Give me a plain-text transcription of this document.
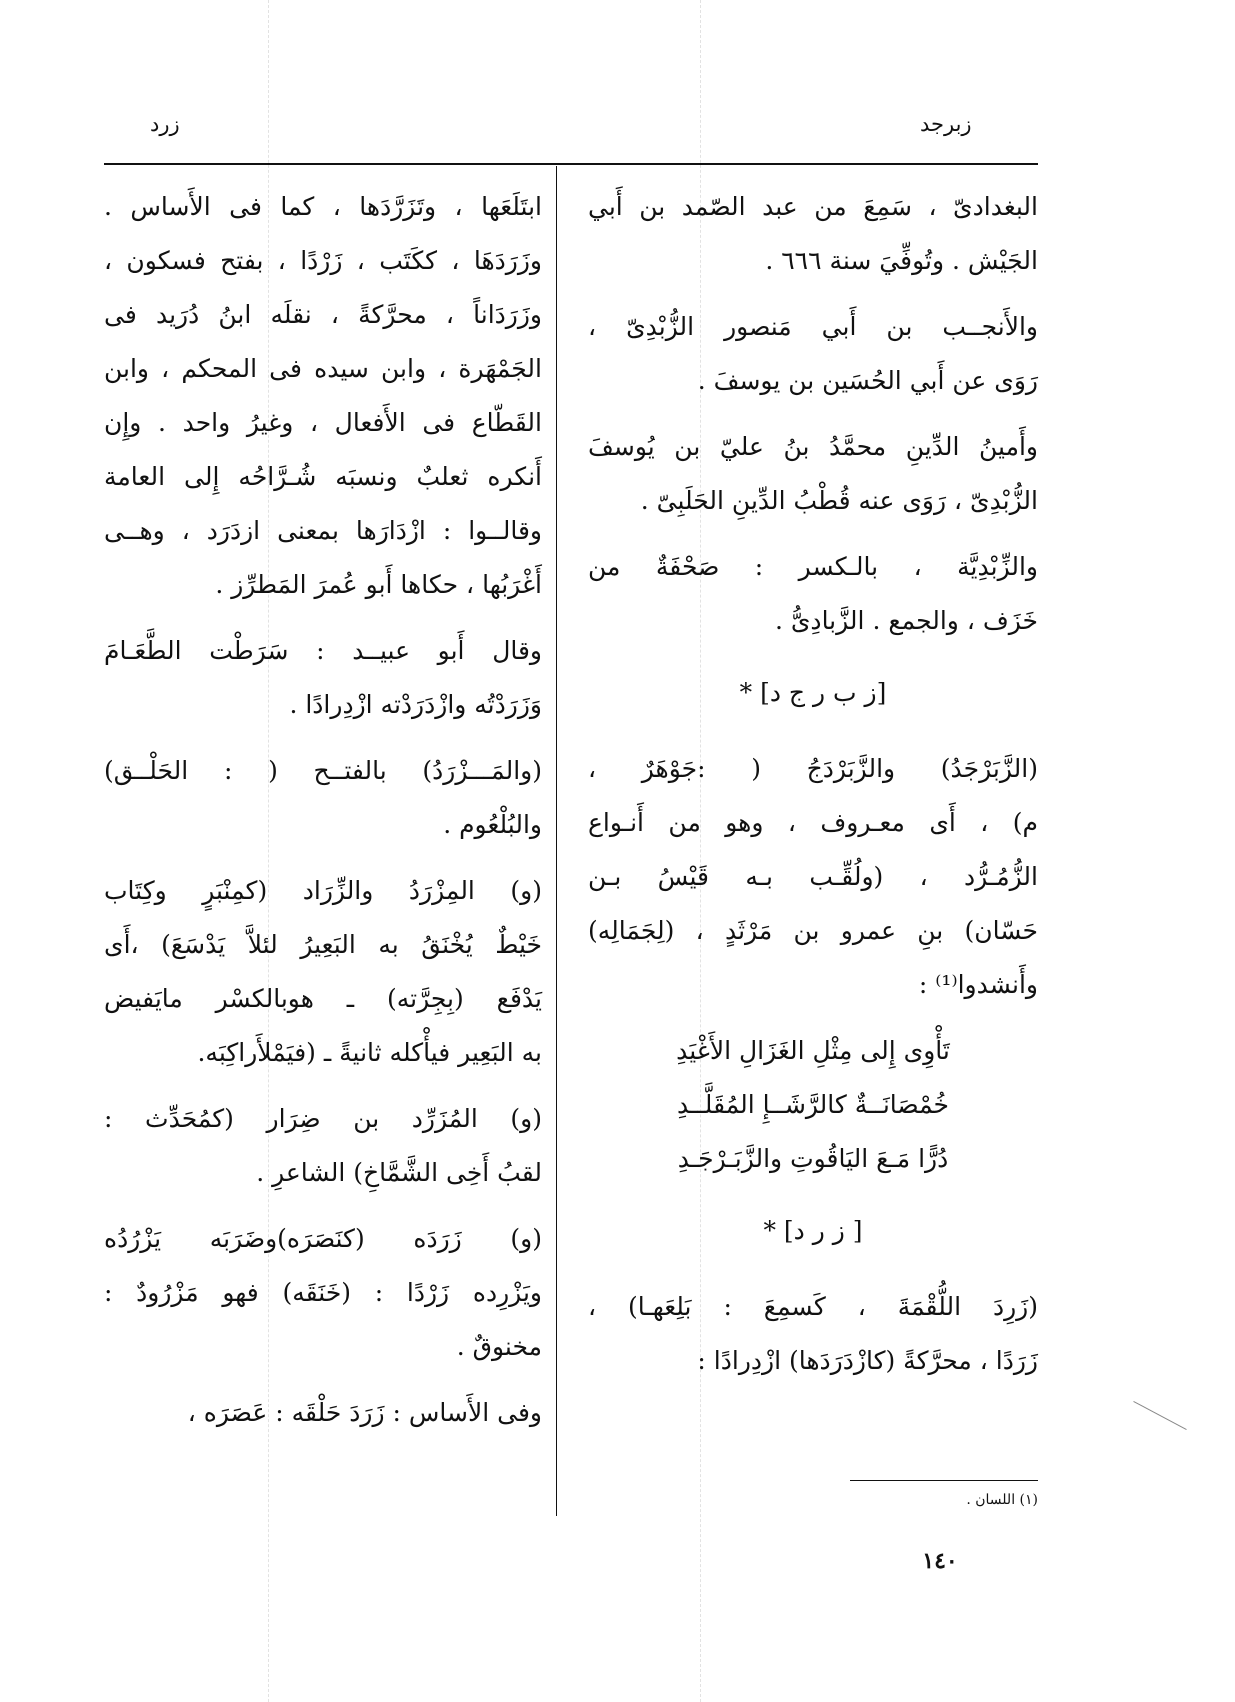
زرد	زبرجد
البغدادىّ ، سَمِعَ من عبد الصّمد بن أَبي
الجَيْش . وتُوفِّيَ سنة ٦٦٦ .
والأَنجــب بن أَبي مَنصور الزُّبْدِىّ ،
رَوَى عن أَبي الحُسَين بن يوسفَ .
وأَمينُ الدِّينِ محمَّدُ بنُ عليّ بن يُوسفَ
الزُّبْدِىّ ، رَوَى عنه قُطْبُ الدِّينِ الحَلَبِىّ .
والزِّبْدِيَّة ، بالـكسر : صَحْفَةٌ من
خَزَف ، والجمع . الزَّبادِىُّ .
[ز ب ر ج د] *
(الزَّبَرْجَدُ) والزَّبَرْدَجُ ( :جَوْهَرٌ ،
م) ، أَى معـروف ، وهو من أَنـواع
الزُّمُـرُّد ، (ولُقِّـب بـه قَيْسُ بـن
حَسّان) بنِ عمرو بن مَرْثَدٍ ، (لِجَمَالِه)
وأَنشدوا⁽¹⁾ :
تَأْوِى إِلى مِثْلِ الغَزَالِ الأَغْيَدِ
خُمْصَانَــةٌ كالرَّشَــإِ المُقَلَّــدِ
دُرًّا مَـعَ اليَاقُوتِ والزَّبَـرْجَـدِ
[ ز ر د] *
(زَرِدَ اللُّقْمَةَ ، كَسمِعَ : بَلِعَهـا) ،
زَرَدًا ، محرَّكةً (كازْدَرَدَها) ازْدِرادًا :
ابتَلَعَها ، وتَزَرَّدَها ، كما فى الأَساس .
وزَرَدَهَا ، ككَتَب ، زَرْدًا ، بفتح فسكون ،
وزَرَدَاناً ، محرَّكةً ، نقلَه ابنُ دُرَيد فى
الجَمْهَرة ، وابن سيده فى المحكم ، وابن
القَطّاع فى الأَفعال ، وغيرُ واحد . وإِن
أَنكره ثعلبٌ ونسبَه شُـرَّاحُه إِلى العامة
وقالــوا : ازْدَارَها بمعنى ازدَرَد ، وهــى
أَغْرَبُها ، حكاها أَبو عُمرَ المَطرِّز .
وقال أَبو عبيــد : سَرَطْت الطَّعَـامَ
وَزَرَدْتُه وازْدَرَدْته ازْدِرادًا .
(والمَـــزْرَدُ) بالفتــح ( : الحَلْــق)
والبُلْعُوم .
(و) المِزْرَدُ والزِّرَاد (كمِنْبَرٍ وكِتَاب
خَيْطٌ يُخْنَقُ به البَعِيرُ لئلاَّ يَدْسَعَ) ،أَى
يَدْفَع (بِجِرَّته) ـ هوبالكسْر مايَفيض
به البَعِير فيأْكله ثانيةً ـ (فيَمْلأَراكِبَه.
(و) المُزَرِّد بن ضِرَار (كمُحَدِّث :
لقبُ أَخِى الشَّمَّاخِ) الشاعرِ .
(و) زَرَدَه (كنَصَرَه)وضَرَبَه يَزْرُدُه
ويَزْرِده زَرْدًا : (خَنَقَه) فهو مَزْرُودٌ :
مخنوقٌ .
وفى الأَساس : زَرَدَ حَلْقَه : عَصَرَه ،
(١) اللسان .
١٤٠
